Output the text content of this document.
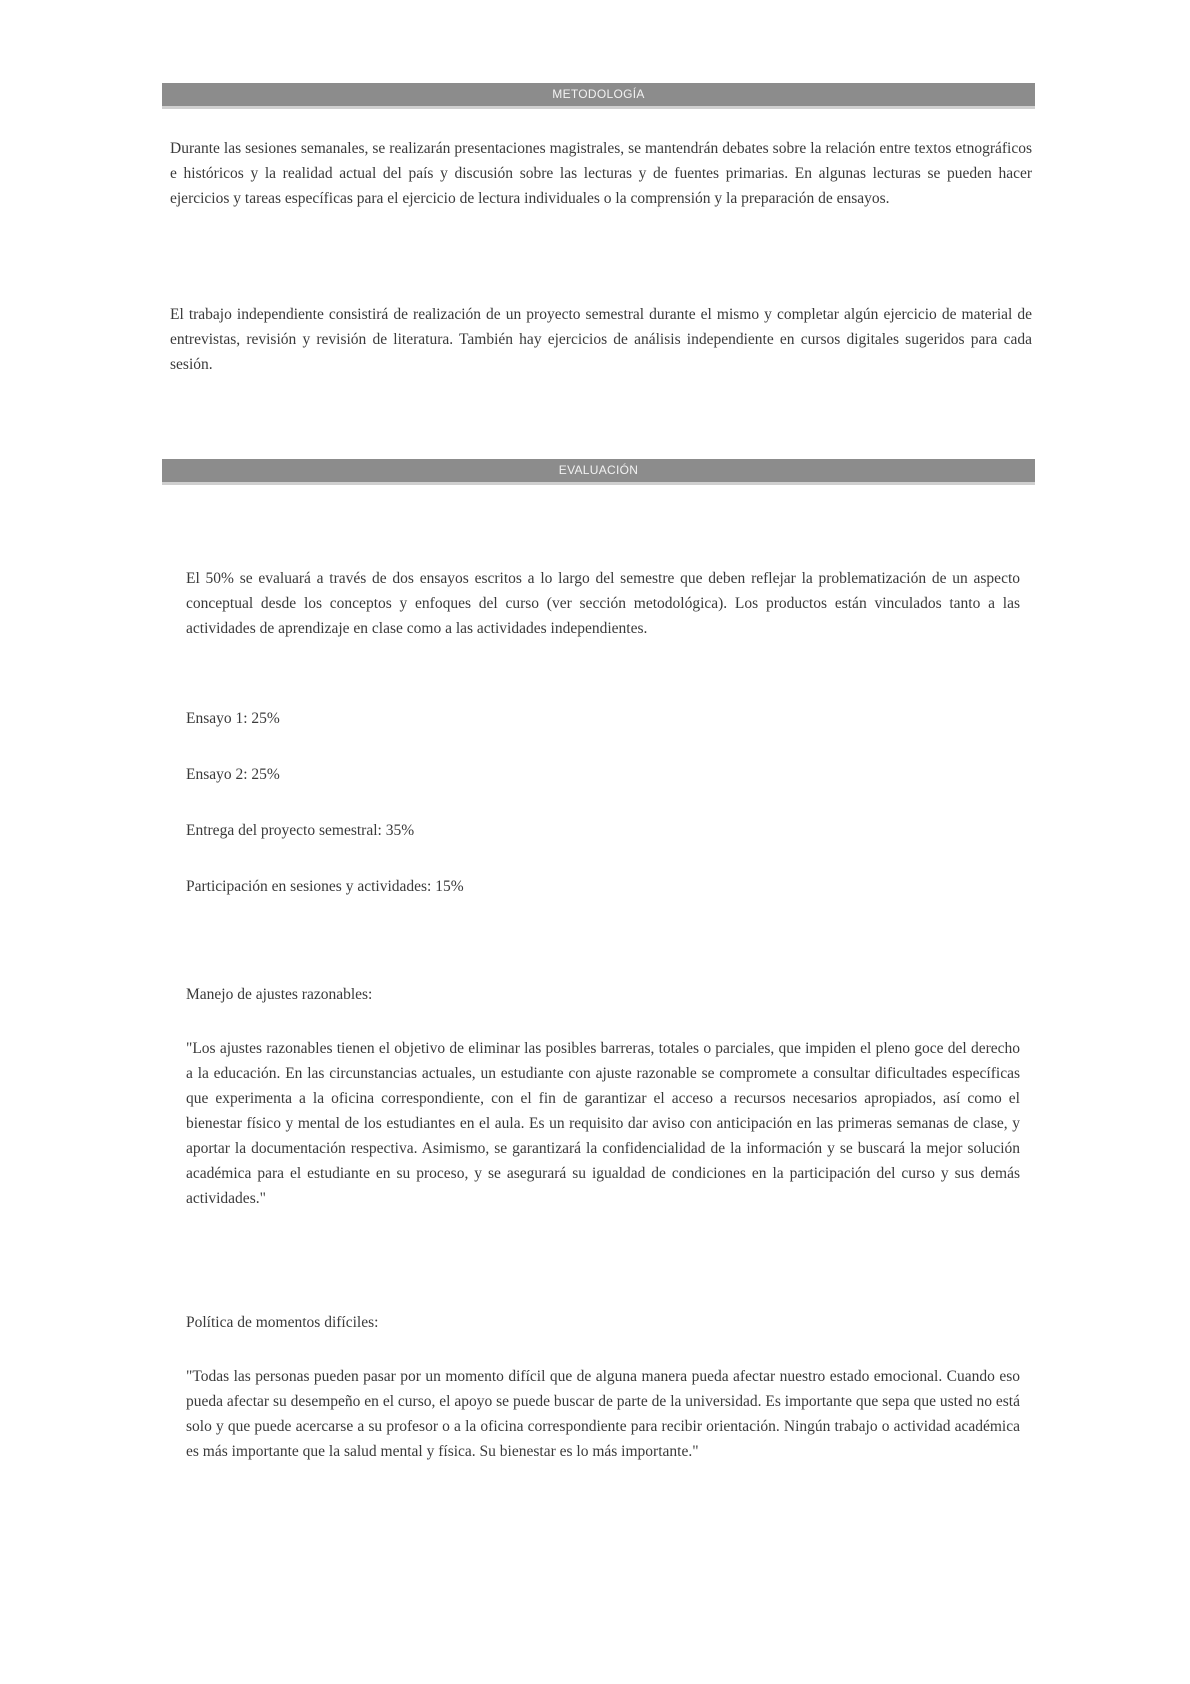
METODOLOGÍA

Durante las sesiones semanales, se realizarán presentaciones magistrales, se mantendrán debates sobre la relación entre textos etnográficos e históricos y la realidad actual del país y discusión sobre las lecturas y de fuentes primarias. En algunas lecturas se pueden hacer ejercicios y tareas específicas para el ejercicio de lectura individuales o la comprensión y la preparación de ensayos.

El trabajo independiente consistirá de realización de un proyecto semestral durante el mismo y completar algún ejercicio de material de entrevistas, revisión y revisión de literatura. También hay ejercicios de análisis independiente en cursos digitales sugeridos para cada sesión.

EVALUACIÓN

El 50% se evaluará a través de dos ensayos escritos a lo largo del semestre que deben reflejar la problematización de un aspecto conceptual desde los conceptos y enfoques del curso (ver sección metodológica). Los productos están vinculados tanto a las actividades de aprendizaje en clase como a las actividades independientes.

Ensayo 1: 25%

Ensayo 2: 25%

Entrega del proyecto semestral: 35%

Participación en sesiones y actividades: 15%

Manejo de ajustes razonables:

"Los ajustes razonables tienen el objetivo de eliminar las posibles barreras, totales o parciales, que impiden el pleno goce del derecho a la educación. En las circunstancias actuales, un estudiante con ajuste razonable se compromete a consultar dificultades específicas que experimenta a la oficina correspondiente, con el fin de garantizar el acceso a recursos necesarios apropiados, así como el bienestar físico y mental de los estudiantes en el aula. Es un requisito dar aviso con anticipación en las primeras semanas de clase, y aportar la documentación respectiva. Asimismo, se garantizará la confidencialidad de la información y se buscará la mejor solución académica para el estudiante en su proceso, y se asegurará su igualdad de condiciones en la participación del curso y sus demás actividades."

Política de momentos difíciles:

"Todas las personas pueden pasar por un momento difícil que de alguna manera pueda afectar nuestro estado emocional. Cuando eso pueda afectar su desempeño en el curso, el apoyo se puede buscar de parte de la universidad. Es importante que sepa que usted no está solo y que puede acercarse a su profesor o a la oficina correspondiente para recibir orientación. Ningún trabajo o actividad académica es más importante que la salud mental y física. Su bienestar es lo más importante."
